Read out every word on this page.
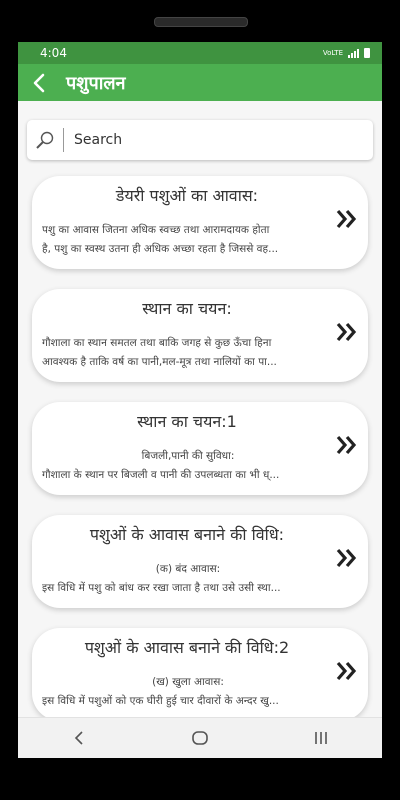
4:04	VoLTE
पशुपालन
Search
डेयरी पशुओं का आवास:
पशु का आवास जितना अधिक स्वच्छ तथा आरामदायक होता
है, पशु का स्वस्थ उतना ही अधिक अच्छा रहता है जिससे वह...
स्थान का चयन:
गौशाला का स्थान समतल तथा बाकि जगह से कुछ ऊँचा हिना
आवश्यक है ताकि वर्ष का पानी,मल-मूत्र तथा नालियों का पा...
स्थान का चयन:1
बिजली,पानी की सुविधा:
गौशाला के स्थान पर बिजली व पानी की उपलब्धता का भी ध्...
पशुओं के आवास बनाने की विधि:
(क) बंद आवास:
इस विधि में पशु को बांध कर रखा जाता है तथा उसे उसी स्था...
पशुओं के आवास बनाने की विधि:2
(ख) खुला आवास:
इस विधि में पशुओं को एक घीरी हुई चार दीवारों के अन्दर खु...
